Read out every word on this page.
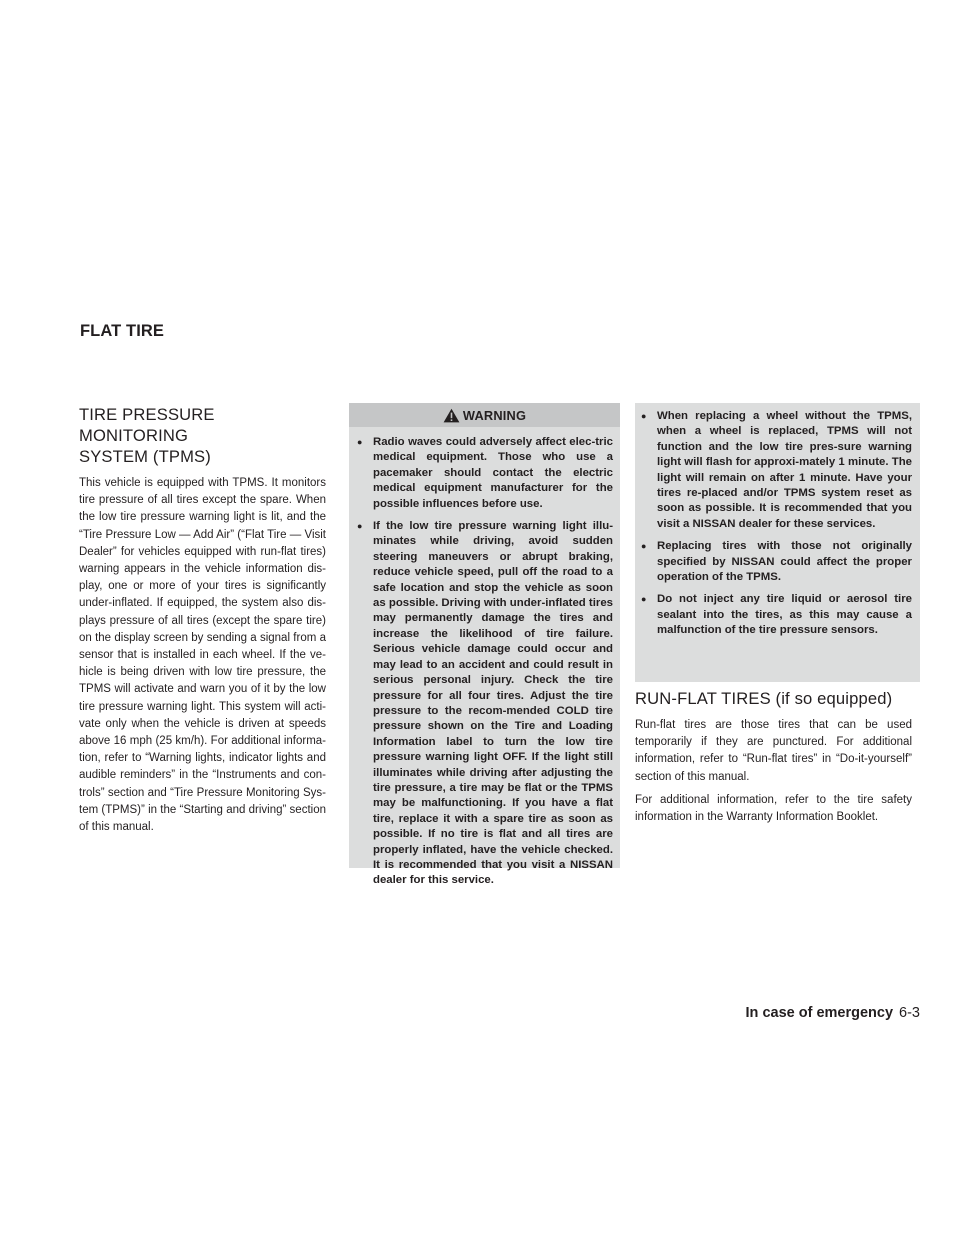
FLAT TIRE
TIRE PRESSURE MONITORING
SYSTEM (TPMS)

This vehicle is equipped with TPMS. It monitors tire pressure of all tires except the spare. When the low tire pressure warning light is lit, and the “Tire Pressure Low — Add Air” (“Flat Tire — Visit Dealer” for vehicles equipped with run-flat tires) warning appears in the vehicle information dis-play, one or more of your tires is significantly under-inflated. If equipped, the system also dis-plays pressure of all tires (except the spare tire) on the display screen by sending a signal from a sensor that is installed in each wheel. If the ve-hicle is being driven with low tire pressure, the TPMS will activate and warn you of it by the low tire pressure warning light. This system will acti-vate only when the vehicle is driven at speeds above 16 mph (25 km/h). For additional informa-tion, refer to “Warning lights, indicator lights and audible reminders” in the “Instruments and con-trols” section and “Tire Pressure Monitoring Sys-tem (TPMS)” in the “Starting and driving” section of this manual.

WARNING
● Radio waves could adversely affect elec-tric medical equipment. Those who use a pacemaker should contact the electric medical equipment manufacturer for the possible influences before use.
● If the low tire pressure warning light illu-minates while driving, avoid sudden steering maneuvers or abrupt braking, reduce vehicle speed, pull off the road to a safe location and stop the vehicle as soon as possible. Driving with under-inflated tires may permanently damage the tires and increase the likelihood of tire failure. Serious vehicle damage could occur and may lead to an accident and could result in serious personal injury. Check the tire pressure for all four tires. Adjust the tire pressure to the recom-mended COLD tire pressure shown on the Tire and Loading Information label to turn the low tire pressure warning light OFF. If the light still illuminates while driving after adjusting the tire pressure, a tire may be flat or the TPMS may be malfunctioning. If you have a flat tire, replace it with a spare tire as soon as possible. If no tire is flat and all tires are properly inflated, have the vehicle checked. It is recommended that you visit a NISSAN dealer for this service.
● When replacing a wheel without the TPMS, when a wheel is replaced, TPMS will not function and the low tire pres-sure warning light will flash for approxi-mately 1 minute. The light will remain on after 1 minute. Have your tires re-placed and/or TPMS system reset as soon as possible. It is recommended that you visit a NISSAN dealer for these services.
● Replacing tires with those not originally specified by NISSAN could affect the proper operation of the TPMS.
● Do not inject any tire liquid or aerosol tire sealant into the tires, as this may cause a malfunction of the tire pressure sensors.
RUN-FLAT TIRES (if so equipped)

Run-flat tires are those tires that can be used temporarily if they are punctured. For additional information, refer to “Run-flat tires” in “Do-it-yourself” section of this manual.

For additional information, refer to the tire safety information in the Warranty Information Booklet.

In case of emergency 6-3
